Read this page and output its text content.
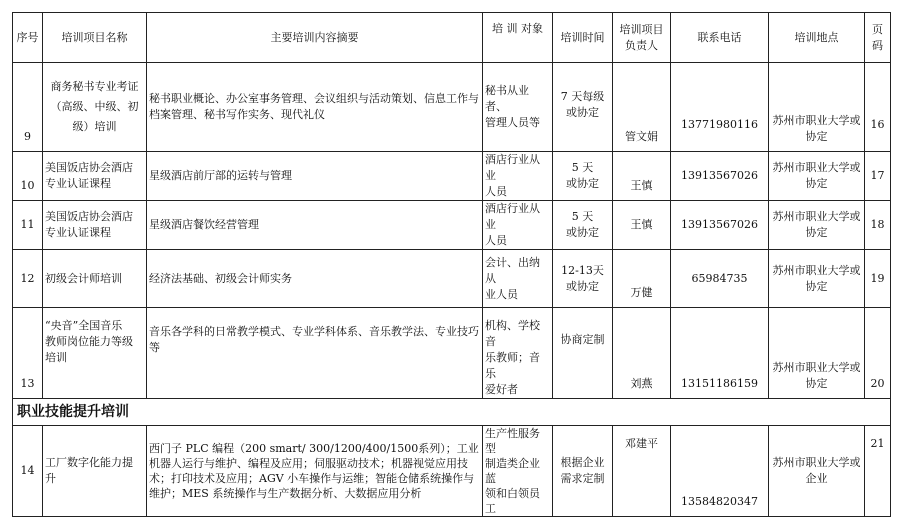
序号	培训项目名称	主要培训内容摘要	培 训 对象	培训时间	培训项目
负责人	联系电话	培训地点	页码
9	商务秘书专业考证
（高级、中级、初
级）培训	秘书职业概论、办公室事务管理、会议组织与活动策划、信息工作与档案管理、秘书写作实务、现代礼仪	秘书从业者、
管理人员等	7 天每级
或协定	管文娟	13771980116	苏州市职业大学或
协定	16
10	美国饭店协会酒店
专业认证课程	星级酒店前厅部的运转与管理	酒店行业从业
人员	5 天
或协定	王慎	13913567026	苏州市职业大学或
协定	17
11	美国饭店协会酒店
专业认证课程	星级酒店餐饮经营管理	酒店行业从业
人员	5 天
或协定	王慎	13913567026	苏州市职业大学或
协定	18
12	初级会计师培训	经济法基础、初级会计师实务	会计、出纳从
业人员	12-13天
或协定	万健	65984735	苏州市职业大学或
协定	19
13	“央音”全国音乐
教师岗位能力等级
培训	音乐各学科的日常教学模式、专业学科体系、音乐教学法、专业技巧等	机构、学校音
乐教师；音乐
爱好者	协商定制	刘燕	13151186159	苏州市职业大学或
协定	20
职业技能提升培训								
14	工厂数字化能力提
升	西门子 PLC 编程（200 smart/ 300/1200/400/1500系列）；工业机器人运行与维护、编程及应用；伺服驱动技术；机器视觉应用技术；打印技术及应用；AGV 小车操作与运维；智能仓储系统操作与维护；MES 系统操作与生产数据分析、大数据应用分析	生产性服务型
制造类企业蓝
领和白领员工	根据企业
需求定制	邓建平	13584820347	苏州市职业大学或
企业	21
